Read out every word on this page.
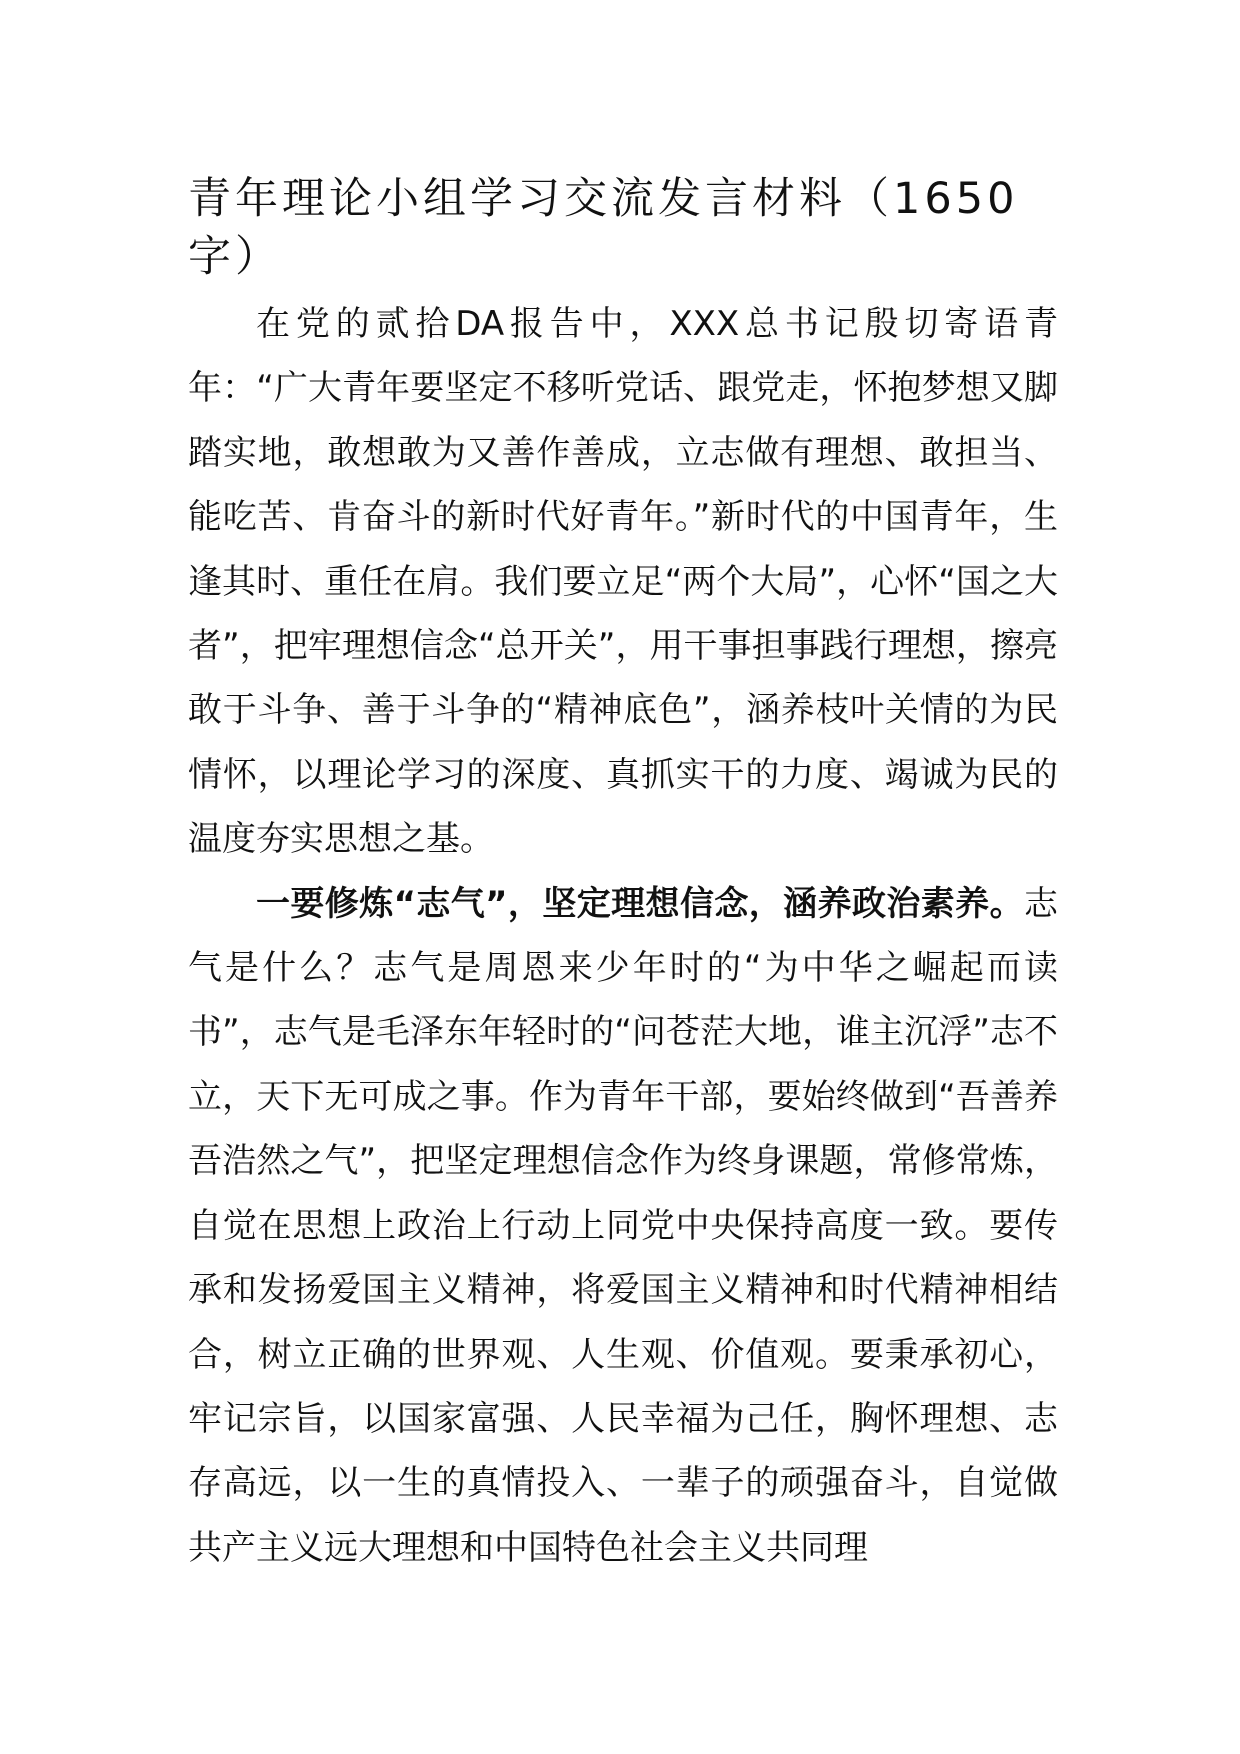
青年理论小组学习交流发言材料（1650字）

在党的贰拾DA报告中，XXX总书记殷切寄语青年：“广大青年要坚定不移听党话、跟党走，怀抱梦想又脚踏实地，敢想敢为又善作善成，立志做有理想、敢担当、能吃苦、肯奋斗的新时代好青年。”新时代的中国青年，生逢其时、重任在肩。我们要立足“两个大局”，心怀“国之大者”，把牢理想信念“总开关”，用干事担事践行理想，擦亮敢于斗争、善于斗争的“精神底色”，涵养枝叶关情的为民情怀，以理论学习的深度、真抓实干的力度、竭诚为民的温度夯实思想之基。

一要修炼“志气”，坚定理想信念，涵养政治素养。志气是什么？志气是周恩来少年时的“为中华之崛起而读书”，志气是毛泽东年轻时的“问苍茫大地，谁主沉浮”志不立，天下无可成之事。作为青年干部，要始终做到“吾善养吾浩然之气”，把坚定理想信念作为终身课题，常修常炼，自觉在思想上政治上行动上同党中央保持高度一致。要传承和发扬爱国主义精神，将爱国主义精神和时代精神相结合，树立正确的世界观、人生观、价值观。要秉承初心，牢记宗旨，以国家富强、人民幸福为己任，胸怀理想、志存高远，以一生的真情投入、一辈子的顽强奋斗，自觉做共产主义远大理想和中国特色社会主义共同理
